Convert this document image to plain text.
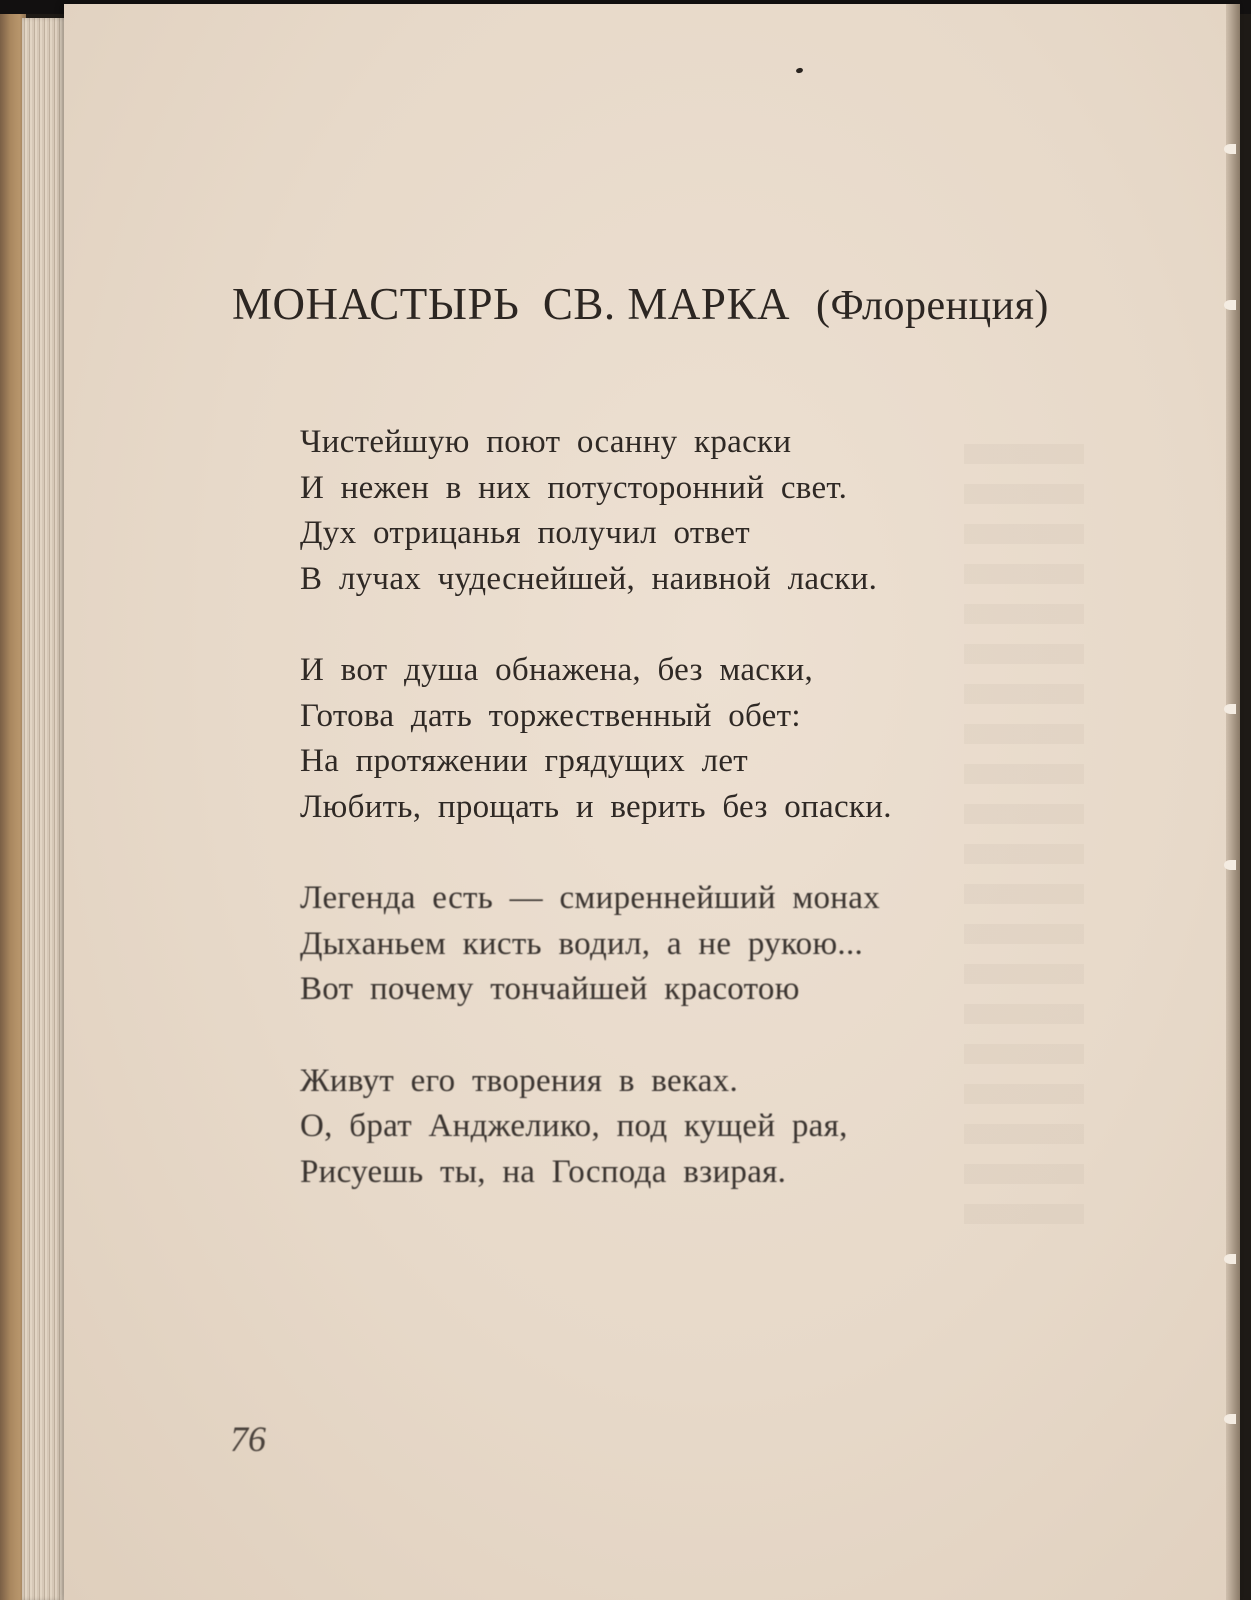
МОНАСТЫРЬ  СВ. МАРКА (Флоренция)
Чистейшую поют осанну краски
И нежен в них потусторонний свет.
Дух отрицанья получил ответ
В лучах чудеснейшей, наивной ласки.
И вот душа обнажена, без маски,
Готова дать торжественный обет:
На протяжении грядущих лет
Любить, прощать и верить без опаски.
Легенда есть — смиреннейший монах
Дыханьем кисть водил, а не рукою...
Вот почему тончайшей красотою
Живут его творения в веках.
О, брат Анджелико, под кущей рая,
Рисуешь ты, на Господа взирая.
76
